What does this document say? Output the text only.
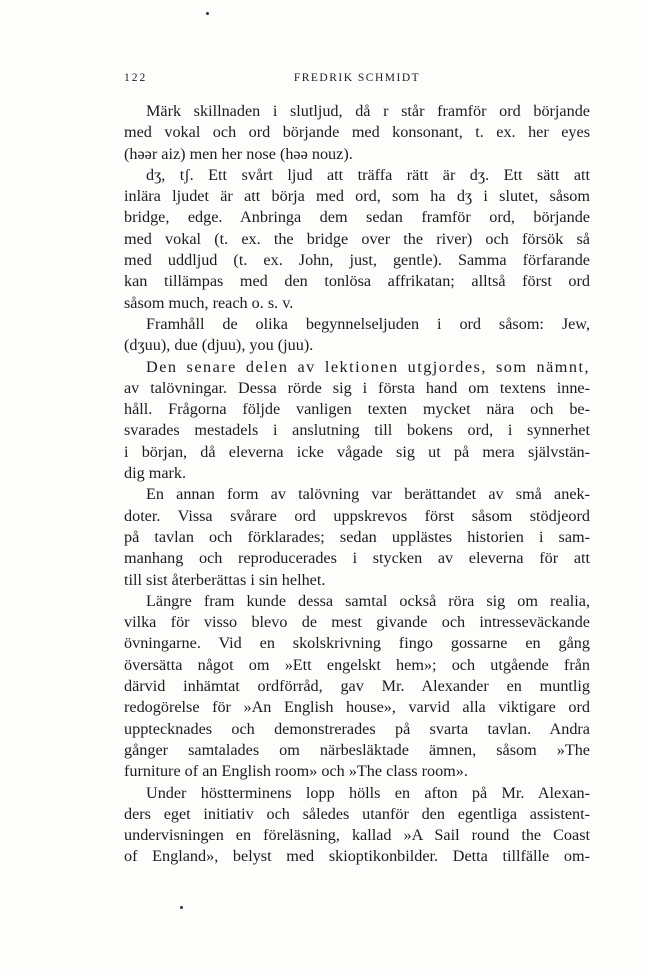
122	FREDRIK SCHMIDT
Märk skillnaden i slutljud, då r står framför ord börjande
med vokal och ord börjande med konsonant, t. ex. her eyes
(hǝǝr aiz) men her nose (hǝǝ nouz).
dʒ, tʃ. Ett svårt ljud att träffa rätt är dʒ. Ett sätt att
inlära ljudet är att börja med ord, som ha dʒ i slutet, såsom
bridge, edge. Anbringa dem sedan framför ord, börjande
med vokal (t. ex. the bridge over the river) och försök så
med uddljud (t. ex. John, just, gentle). Samma förfarande
kan tillämpas med den tonlösa affrikatan; alltså först ord
såsom much, reach o. s. v.
Framhåll de olika begynnelseljuden i ord såsom: Jew,
(dʒuu), due (djuu), you (juu).
Den senare delen av lektionen utgjordes, som nämnt,
av talövningar. Dessa rörde sig i första hand om textens inne-
håll. Frågorna följde vanligen texten mycket nära och be-
svarades mestadels i anslutning till bokens ord, i synnerhet
i början, då eleverna icke vågade sig ut på mera självstän-
dig mark.
En annan form av talövning var berättandet av små anek-
doter. Vissa svårare ord uppskrevos först såsom stödjeord
på tavlan och förklarades; sedan upplästes historien i sam-
manhang och reproducerades i stycken av eleverna för att
till sist återberättas i sin helhet.
Längre fram kunde dessa samtal också röra sig om realia,
vilka för visso blevo de mest givande och intresseväckande
övningarne. Vid en skolskrivning fingo gossarne en gång
översätta något om »Ett engelskt hem»; och utgående från
därvid inhämtat ordförråd, gav Mr. Alexander en muntlig
redogörelse för »An English house», varvid alla viktigare ord
upptecknades och demonstrerades på svarta tavlan. Andra
gånger samtalades om närbesläktade ämnen, såsom »The
furniture of an English room» och »The class room».
Under höstterminens lopp hölls en afton på Mr. Alexan-
ders eget initiativ och således utanför den egentliga assistent-
undervisningen en föreläsning, kallad »A Sail round the Coast
of England», belyst med skioptikonbilder. Detta tillfälle om-
